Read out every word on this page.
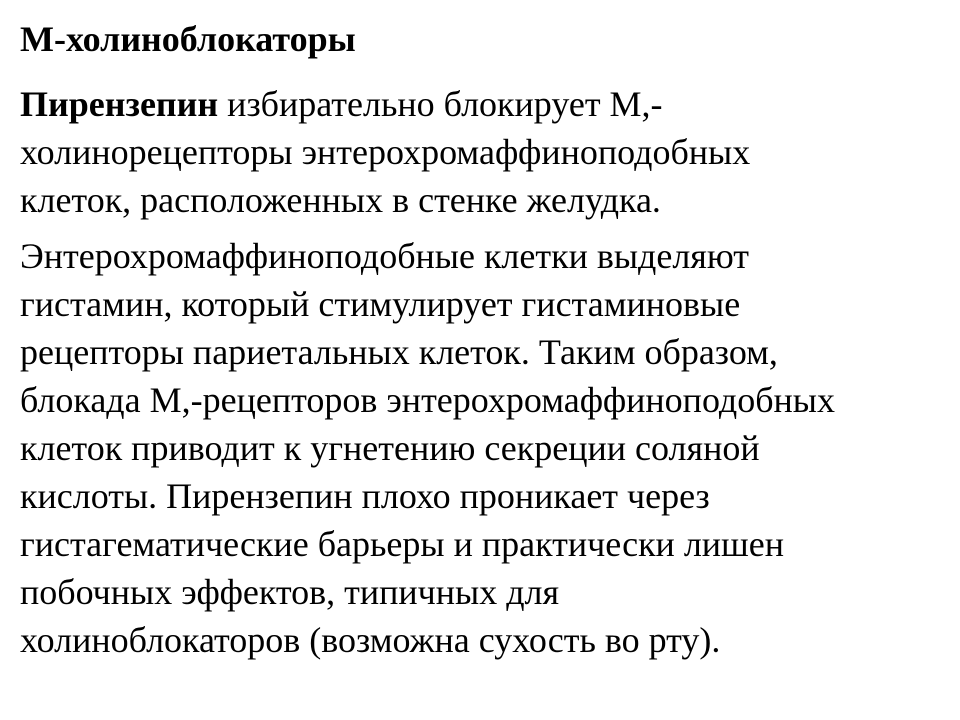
М-холиноблокаторы

Пирензепин избирательно блокирует М,-
холинорецепторы энтерохромаффиноподобных
клеток, расположенных в стенке желудка.

Энтерохромаффиноподобные клетки выделяют
гистамин, который стимулирует гистаминовые
рецепторы париетальных клеток. Таким образом,
блокада М,-рецепторов энтерохромаффиноподобных
клеток приводит к угнетению секреции соляной
кислоты. Пирензепин плохо проникает через
гистагематические барьеры и практически лишен
побочных эффектов, типичных для
холиноблокаторов (возможна сухость во рту).
